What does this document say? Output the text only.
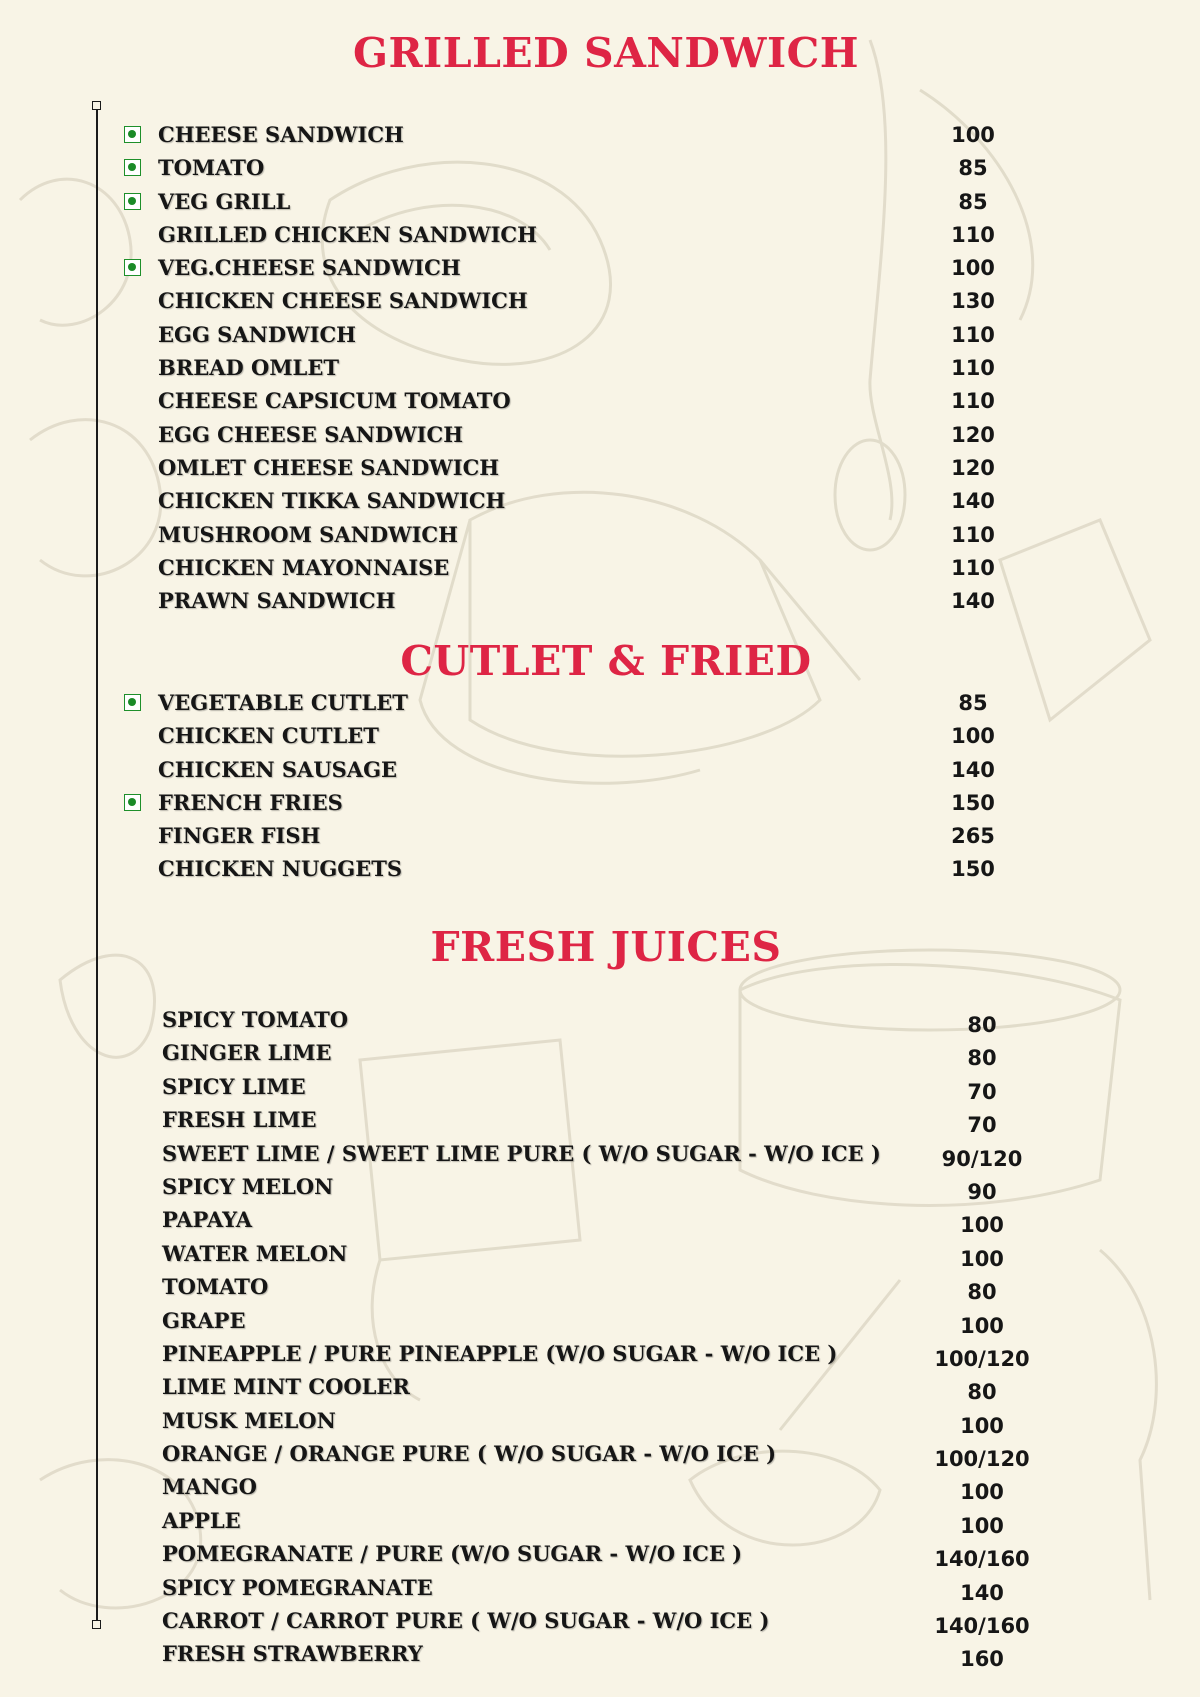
GRILLED SANDWICH
CHEESE SANDWICH	100
TOMATO	85
VEG GRILL	85
GRILLED CHICKEN SANDWICH	110
VEG.CHEESE SANDWICH	100
CHICKEN CHEESE SANDWICH	130
EGG SANDWICH	110
BREAD OMLET	110
CHEESE CAPSICUM TOMATO	110
EGG CHEESE SANDWICH	120
OMLET CHEESE SANDWICH	120
CHICKEN TIKKA SANDWICH	140
MUSHROOM SANDWICH	110
CHICKEN MAYONNAISE	110
PRAWN SANDWICH	140
CUTLET & FRIED
VEGETABLE CUTLET	85
CHICKEN CUTLET	100
CHICKEN SAUSAGE	140
FRENCH FRIES	150
FINGER FISH	265
CHICKEN NUGGETS	150
FRESH JUICES
SPICY TOMATO	80
GINGER LIME	80
SPICY LIME	70
FRESH LIME	70
SWEET LIME / SWEET LIME PURE ( W/O SUGAR - W/O ICE )	90/120
SPICY MELON	90
PAPAYA	100
WATER MELON	100
TOMATO	80
GRAPE	100
PINEAPPLE / PURE PINEAPPLE (W/O SUGAR - W/O ICE )	100/120
LIME MINT COOLER	80
MUSK MELON	100
ORANGE / ORANGE PURE ( W/O SUGAR - W/O ICE )	100/120
MANGO	100
APPLE	100
POMEGRANATE / PURE (W/O SUGAR - W/O ICE )	140/160
SPICY POMEGRANATE	140
CARROT / CARROT PURE ( W/O SUGAR - W/O ICE )	140/160
FRESH STRAWBERRY	160
